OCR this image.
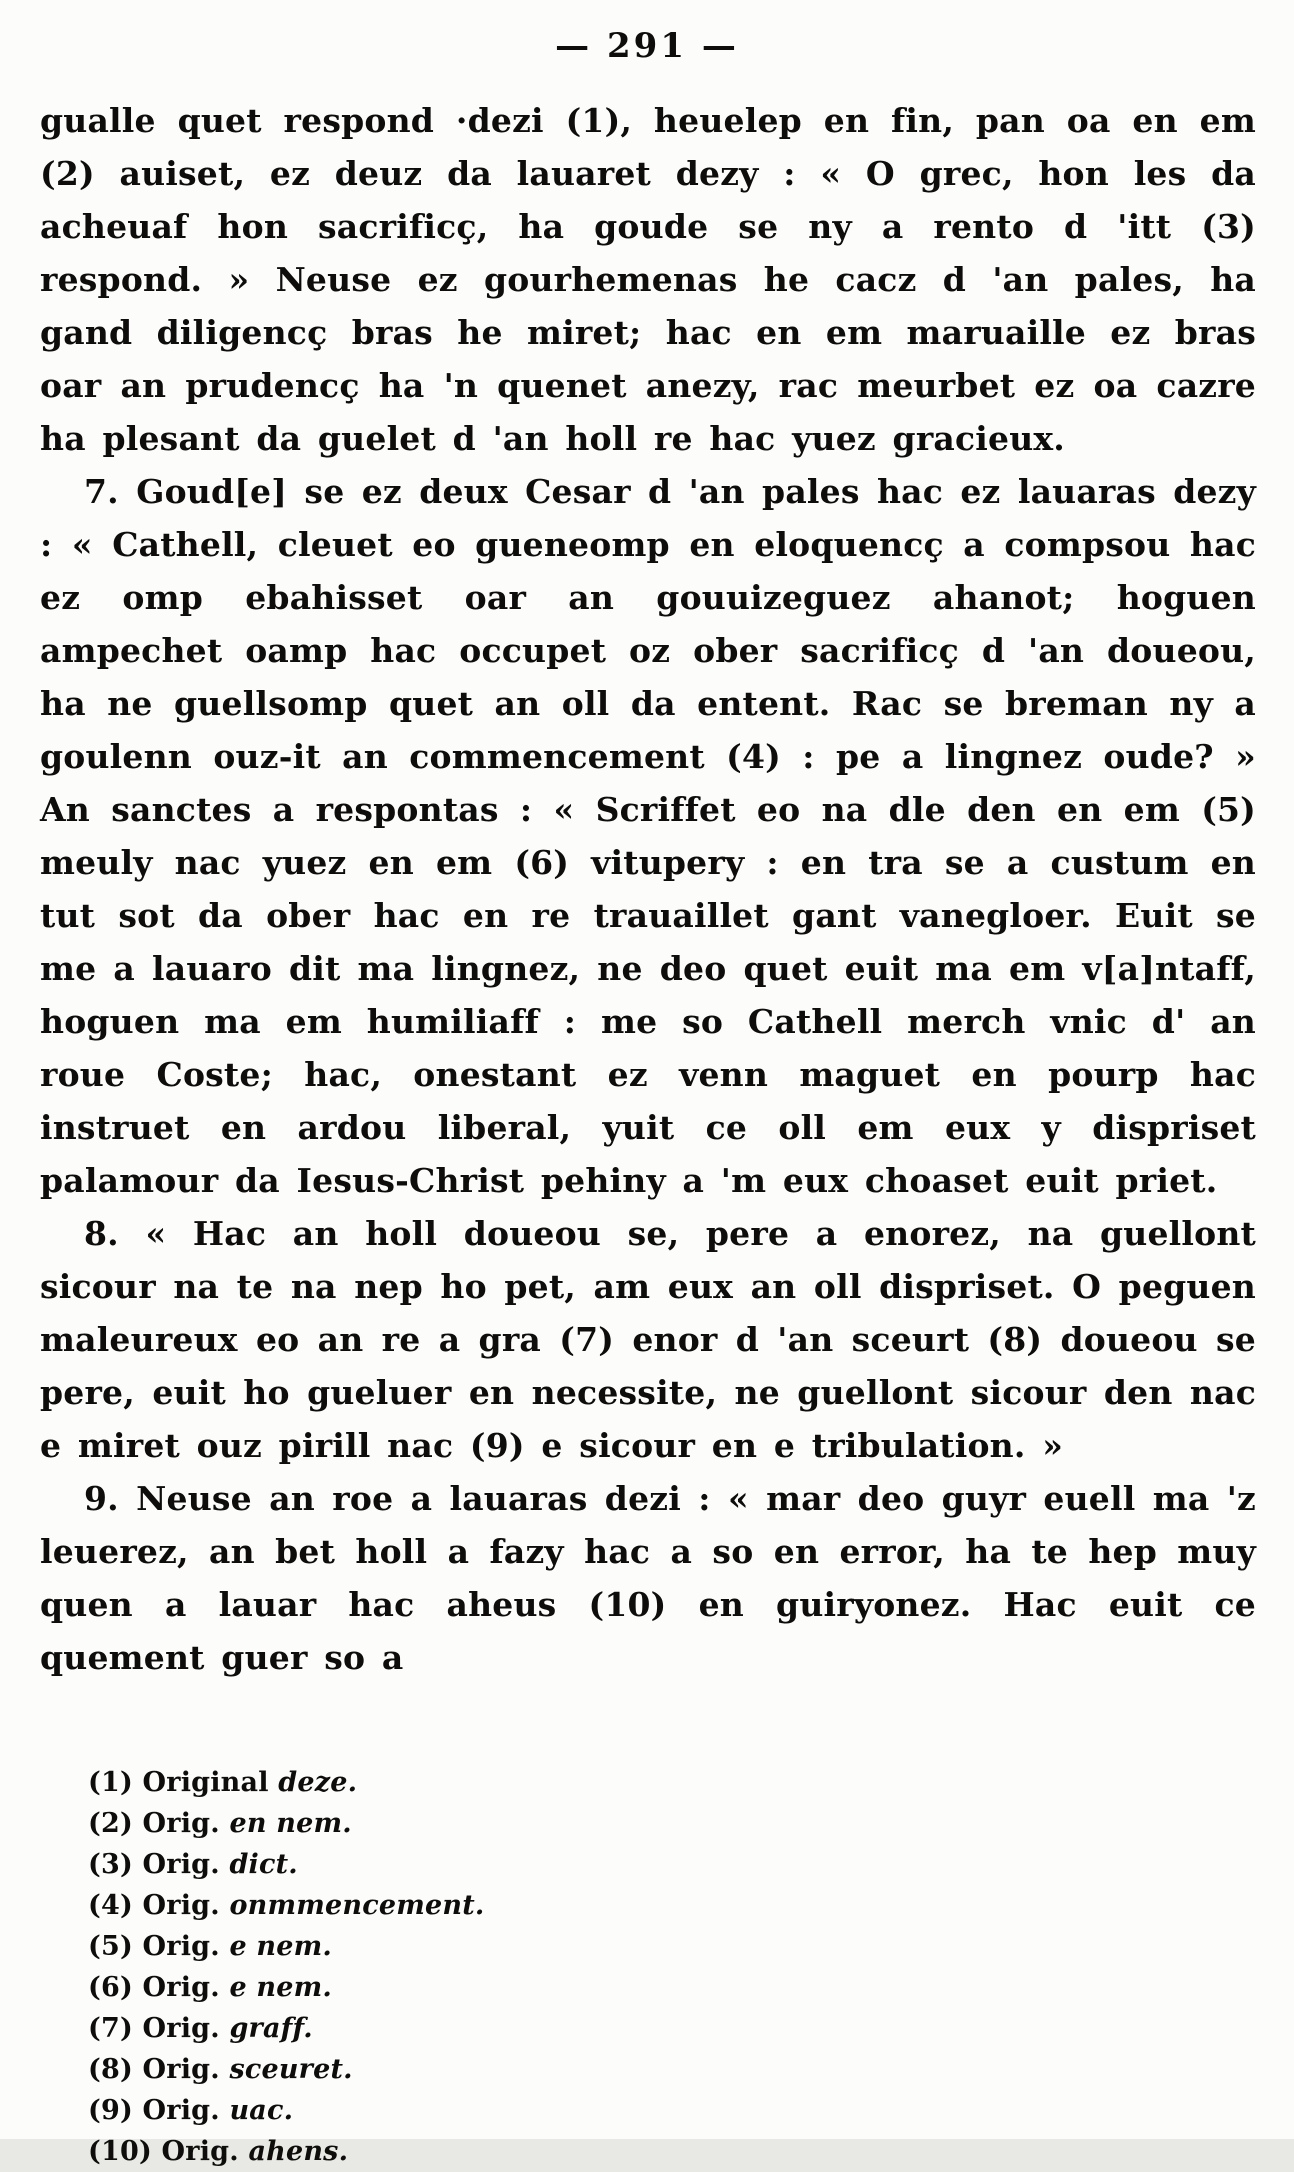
— 291 —

gualle quet respond ·dezi (1), heuelep en fin, pan oa en em (2) auiset, ez deuz da lauaret dezy : « O grec, hon les da acheuaf hon sacrificç, ha goude se ny a rento d 'itt (3) respond. » Neuse ez gourhemenas he cacz d 'an pales, ha gand diligencç bras he miret; hac en em maruaille ez bras oar an prudencç ha 'n quenet anezy, rac meurbet ez oa cazre ha plesant da guelet d 'an holl re hac yuez gracieux.

7. Goud[e] se ez deux Cesar d 'an pales hac ez lauaras dezy : « Cathell, cleuet eo gueneomp en eloquencç a compsou hac ez omp ebahisset oar an gouuizeguez ahanot; hoguen ampechet oamp hac occupet oz ober sacrificç d 'an doueou, ha ne guellsomp quet an oll da entent. Rac se breman ny a goulenn ouz-it an commencement (4) : pe a lingnez oude? » An sanctes a respontas : « Scriffet eo na dle den en em (5) meuly nac yuez en em (6) vitupery : en tra se a custum en tut sot da ober hac en re trauaillet gant vanegloer. Euit se me a lauaro dit ma lingnez, ne deo quet euit ma em v[a]ntaff, hoguen ma em humiliaff : me so Cathell merch vnic d' an roue Coste; hac, onestant ez venn maguet en pourp hac instruet en ardou liberal, yuit ce oll em eux y dispriset palamour da Iesus-Christ pehiny a 'm eux choaset euit priet.

8. « Hac an holl doueou se, pere a enorez, na guellont sicour na te na nep ho pet, am eux an oll dispriset. O peguen maleureux eo an re a gra (7) enor d 'an sceurt (8) doueou se pere, euit ho gueluer en necessite, ne guellont sicour den nac e miret ouz pirill nac (9) e sicour en e tribulation. »

9. Neuse an roe a lauaras dezi : « mar deo guyr euell ma 'z leuerez, an bet holl a fazy hac a so en error, ha te hep muy quen a lauar hac aheus (10) en guiryonez. Hac euit ce quement guer so a

(1) Original deze.
(2) Orig. en nem.
(3) Orig. dict.
(4) Orig. onmmencement.
(5) Orig. e nem.
(6) Orig. e nem.
(7) Orig. graff.
(8) Orig. sceuret.
(9) Orig. uac.
(10) Orig. ahens.
